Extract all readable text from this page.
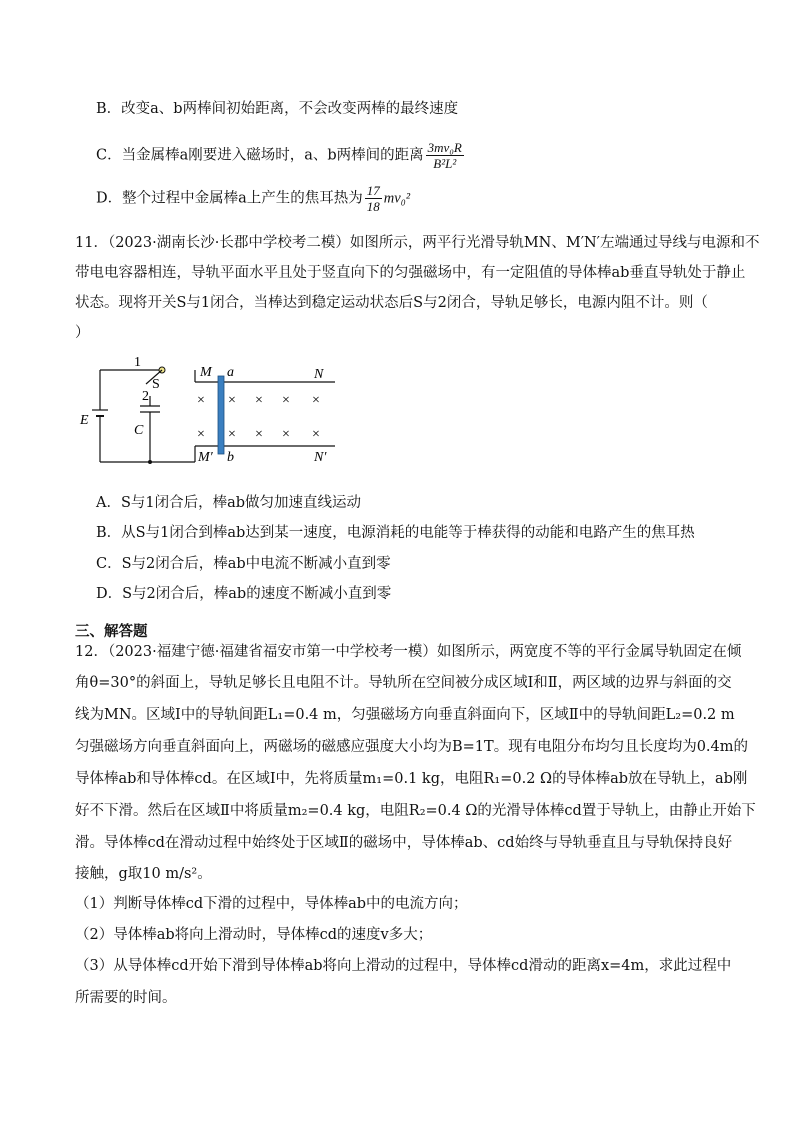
B．改变a、b两棒间初始距离，不会改变两棒的最终速度
C．当金属棒a刚要进入磁场时，a、b两棒间的距离 $\frac{\text{3mv₀R}}{\text{B²L²}}$
D．整个过程中金属棒a上产生的焦耳热为 $\frac{17}{18} mv_0^2$
11．（2023·湖南长沙·长郡中学校考二模）如图所示，两平行光滑导轨MN、M′N′左端通过导线与电源和不
带电电容器相连，导轨平面水平且处于竖直向下的匀强磁场中，有一定阻值的导体棒ab垂直导轨处于静止
状态。现将开关S与1闭合，当棒达到稳定运动状态后S与2闭合，导轨足够长，电源内阻不计。则（
）
× × × × ×
× × × × ×
1
2
S
E
C
M a	N
M′ b	N′
A．S与1闭合后，棒ab做匀加速直线运动
B．从S与1闭合到棒ab达到某一速度，电源消耗的电能等于棒获得的动能和电路产生的焦耳热
C．S与2闭合后，棒ab中电流不断减小直到零
D．S与2闭合后，棒ab的速度不断减小直到零
三、解答题
12．（2023·福建宁德·福建省福安市第一中学校考一模）如图所示，两宽度不等的平行金属导轨固定在倾
角θ=30°的斜面上，导轨足够长且电阻不计。导轨所在空间被分成区域Ⅰ和Ⅱ，两区域的边界与斜面的交
线为MN。区域Ⅰ中的导轨间距L₁=0.4 m，匀强磁场方向垂直斜面向下，区域Ⅱ中的导轨间距L₂=0.2 m
匀强磁场方向垂直斜面向上，两磁场的磁感应强度大小均为B=1T。现有电阻分布均匀且长度均为0.4m的
导体棒ab和导体棒cd。在区域Ⅰ中，先将质量m₁=0.1 kg，电阻R₁=0.2 Ω的导体棒ab放在导轨上，ab刚
好不下滑。然后在区域Ⅱ中将质量m₂=0.4 kg，电阻R₂=0.4 Ω的光滑导体棒cd置于导轨上，由静止开始下
滑。导体棒cd在滑动过程中始终处于区域Ⅱ的磁场中，导体棒ab、cd始终与导轨垂直且与导轨保持良好
接触，g取10 m/s²。
（1）判断导体棒cd下滑的过程中，导体棒ab中的电流方向；
（2）导体棒ab将向上滑动时，导体棒cd的速度v多大；
（3）从导体棒cd开始下滑到导体棒ab将向上滑动的过程中，导体棒cd滑动的距离x=4m，求此过程中
所需要的时间。
